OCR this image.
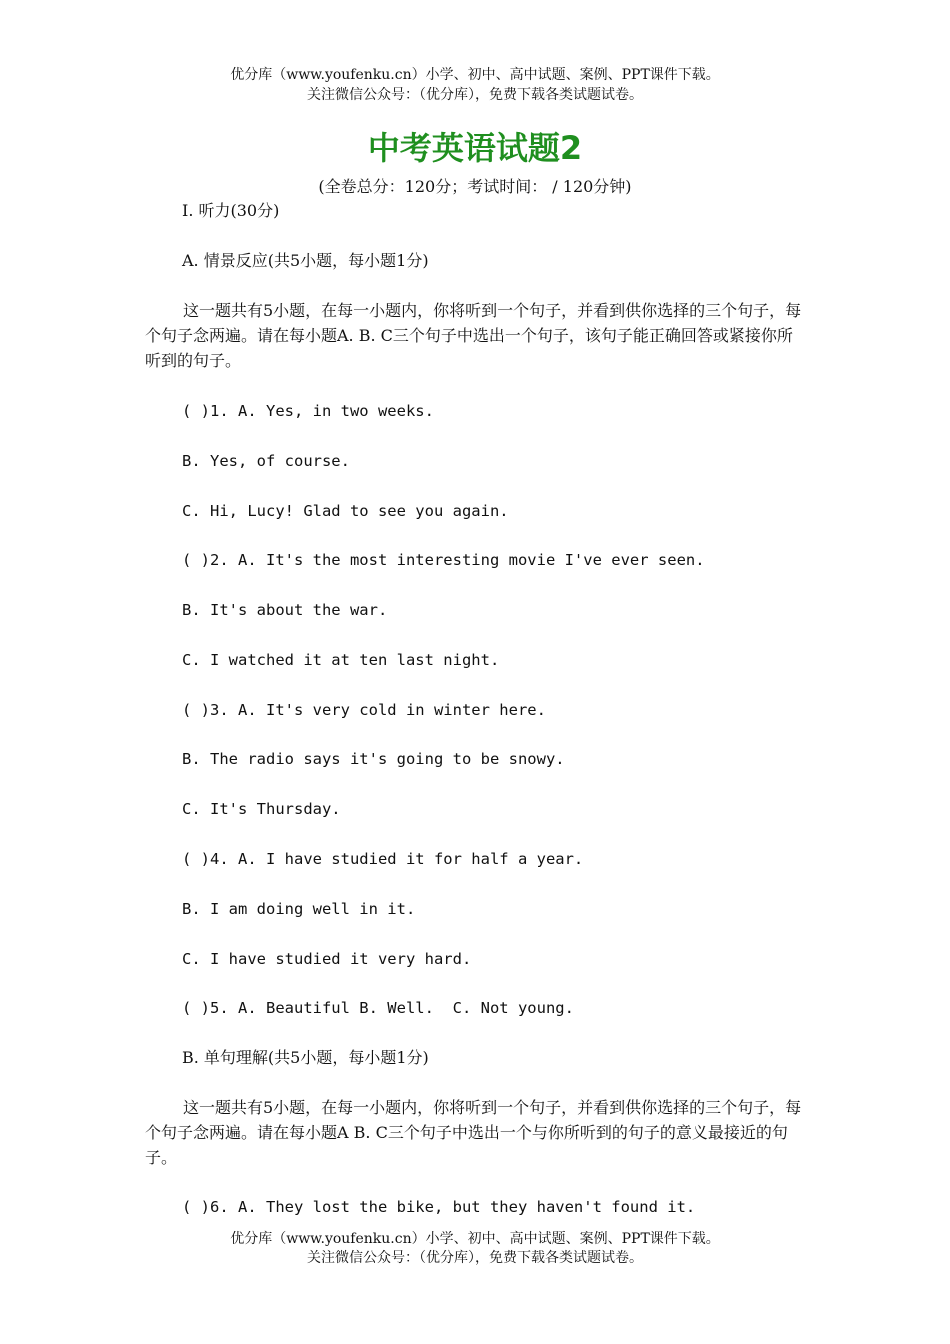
优分库（www.youfenku.cn）小学、初中、高中试题、案例、PPT课件下载。
关注微信公众号：（优分库），免费下载各类试题试卷。
中考英语试题2
(全卷总分：120分；考试时间： / 120分钟)
I. 听力(30分)
A. 情景反应(共5小题，每小题1分)
这一题共有5小题，在每一小题内，你将听到一个句子，并看到供你选择的三个句子，每个句子念两遍。请在每小题A. B. C三个句子中选出一个句子，该句子能正确回答或紧接你所听到的句子。
( )1. A. Yes, in two weeks.
B. Yes, of course.
C. Hi, Lucy! Glad to see you again.
( )2. A. It's the most interesting movie I've ever seen.
B. It's about the war.
C. I watched it at ten last night.
( )3. A. It's very cold in winter here.
B. The radio says it's going to be snowy.
C. It's Thursday.
( )4. A. I have studied it for half a year.
B. I am doing well in it.
C. I have studied it very hard.
( )5. A. Beautiful B. Well.  C. Not young.
B. 单句理解(共5小题，每小题1分)
这一题共有5小题，在每一小题内，你将听到一个句子，并看到供你选择的三个句子，每个句子念两遍。请在每小题A B. C三个句子中选出一个与你所听到的句子的意义最接近的句子。
( )6. A. They lost the bike, but they haven't found it.
优分库（www.youfenku.cn）小学、初中、高中试题、案例、PPT课件下载。
关注微信公众号：（优分库），免费下载各类试题试卷。
